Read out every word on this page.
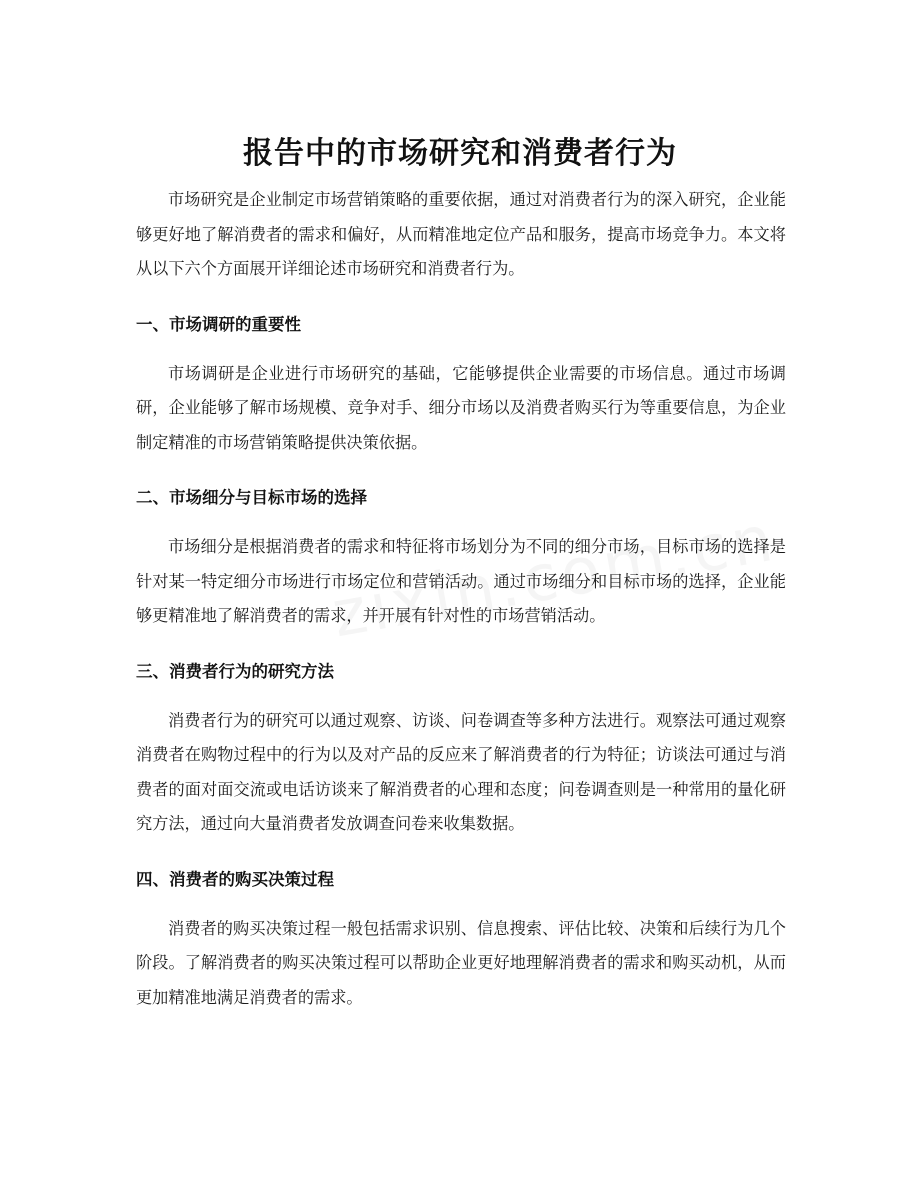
报告中的市场研究和消费者行为

市场研究是企业制定市场营销策略的重要依据，通过对消费者行为的深入研究，企业能够更好地了解消费者的需求和偏好，从而精准地定位产品和服务，提高市场竞争力。本文将从以下六个方面展开详细论述市场研究和消费者行为。

一、市场调研的重要性

市场调研是企业进行市场研究的基础，它能够提供企业需要的市场信息。通过市场调研，企业能够了解市场规模、竞争对手、细分市场以及消费者购买行为等重要信息，为企业制定精准的市场营销策略提供决策依据。

二、市场细分与目标市场的选择

市场细分是根据消费者的需求和特征将市场划分为不同的细分市场，目标市场的选择是针对某一特定细分市场进行市场定位和营销活动。通过市场细分和目标市场的选择，企业能够更精准地了解消费者的需求，并开展有针对性的市场营销活动。

三、消费者行为的研究方法

消费者行为的研究可以通过观察、访谈、问卷调查等多种方法进行。观察法可通过观察消费者在购物过程中的行为以及对产品的反应来了解消费者的行为特征；访谈法可通过与消费者的面对面交流或电话访谈来了解消费者的心理和态度；问卷调查则是一种常用的量化研究方法，通过向大量消费者发放调查问卷来收集数据。

四、消费者的购买决策过程

消费者的购买决策过程一般包括需求识别、信息搜索、评估比较、决策和后续行为几个阶段。了解消费者的购买决策过程可以帮助企业更好地理解消费者的需求和购买动机，从而更加精准地满足消费者的需求。
